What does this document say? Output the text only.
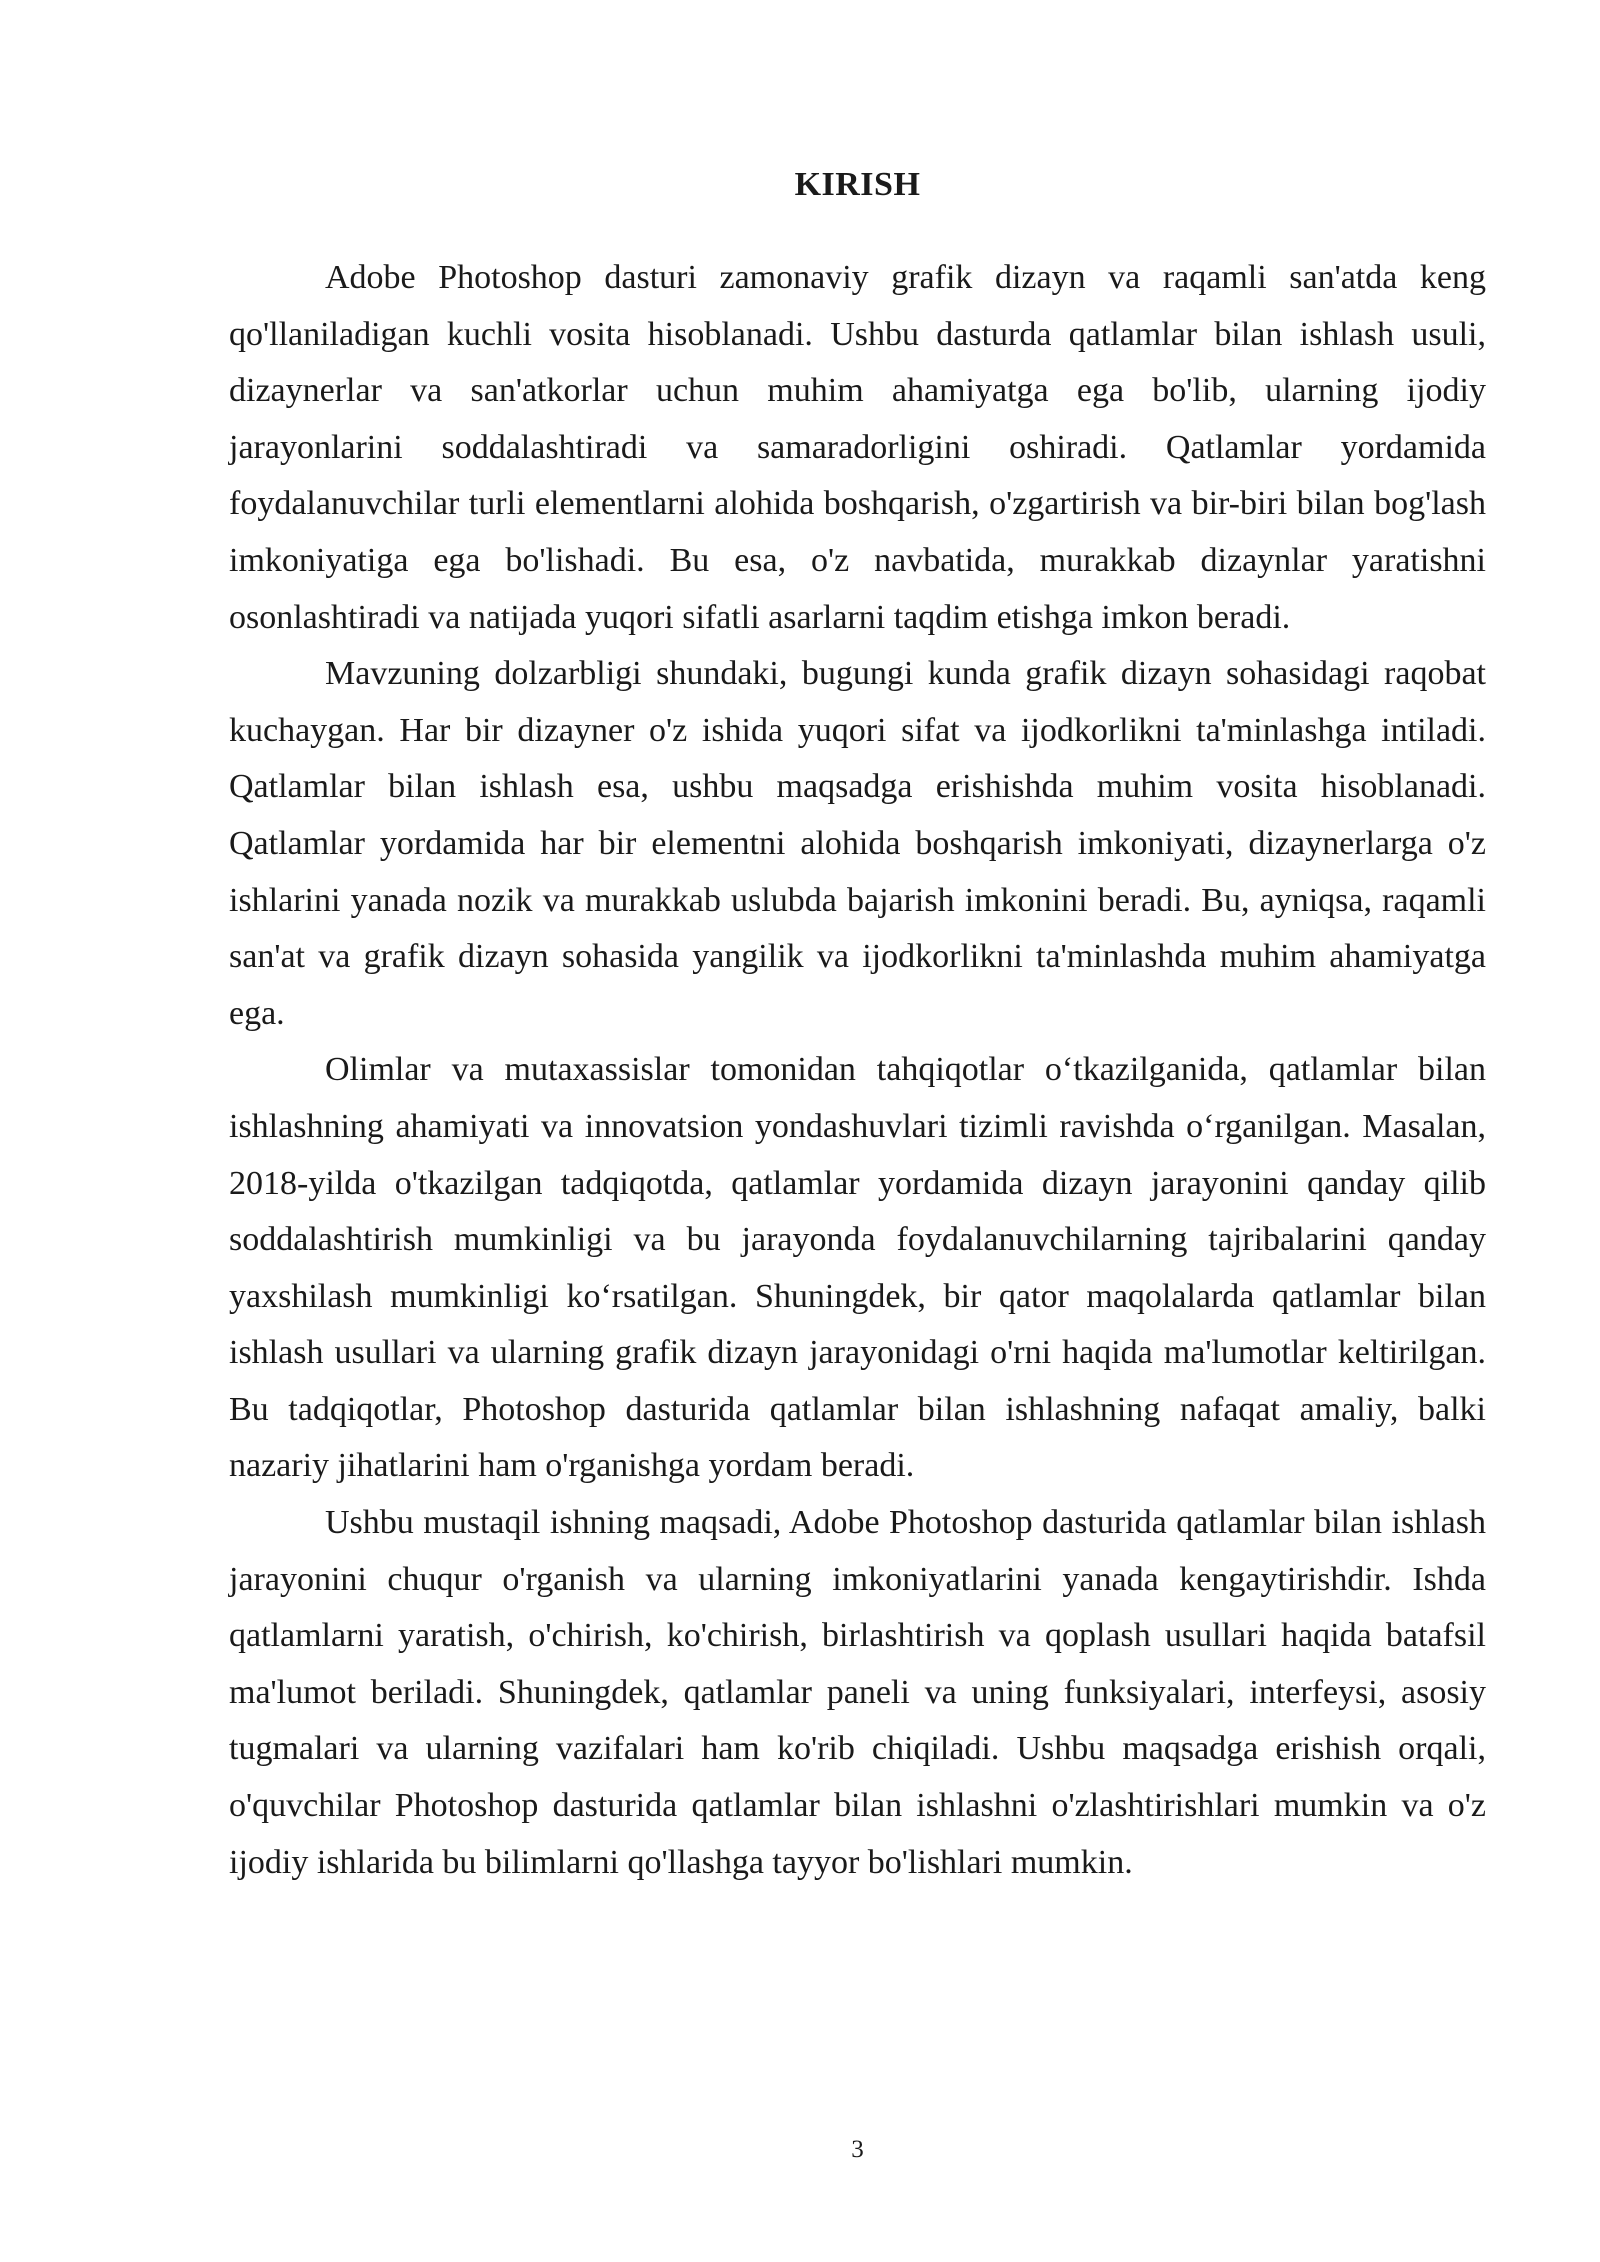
KIRISH

Adobe Photoshop dasturi zamonaviy grafik dizayn va raqamli san'atda keng qo'llaniladigan kuchli vosita hisoblanadi. Ushbu dasturda qatlamlar bilan ishlash usuli, dizaynerlar va san'atkorlar uchun muhim ahamiyatga ega bo'lib, ularning ijodiy jarayonlarini soddalashtiradi va samaradorligini oshiradi. Qatlamlar yordamida foydalanuvchilar turli elementlarni alohida boshqarish, o'zgartirish va bir-biri bilan bog'lash imkoniyatiga ega bo'lishadi. Bu esa, o'z navbatida, murakkab dizaynlar yaratishni osonlashtiradi va natijada yuqori sifatli asarlarni taqdim etishga imkon beradi.

Mavzuning dolzarbligi shundaki, bugungi kunda grafik dizayn sohasidagi raqobat kuchaygan. Har bir dizayner o'z ishida yuqori sifat va ijodkorlikni ta'minlashga intiladi. Qatlamlar bilan ishlash esa, ushbu maqsadga erishishda muhim vosita hisoblanadi. Qatlamlar yordamida har bir elementni alohida boshqarish imkoniyati, dizaynerlarga o'z ishlarini yanada nozik va murakkab uslubda bajarish imkonini beradi. Bu, ayniqsa, raqamli san'at va grafik dizayn sohasida yangilik va ijodkorlikni ta'minlashda muhim ahamiyatga ega.

Olimlar va mutaxassislar tomonidan tahqiqotlar o‘tkazilganida, qatlamlar bilan ishlashning ahamiyati va innovatsion yondashuvlari tizimli ravishda o‘rganilgan. Masalan, 2018-yilda o'tkazilgan tadqiqotda, qatlamlar yordamida dizayn jarayonini qanday qilib soddalashtirish mumkinligi va bu jarayonda foydalanuvchilarning tajribalarini qanday yaxshilash mumkinligi ko‘rsatilgan. Shuningdek, bir qator maqolalarda qatlamlar bilan ishlash usullari va ularning grafik dizayn jarayonidagi o'rni haqida ma'lumotlar keltirilgan. Bu tadqiqotlar, Photoshop dasturida qatlamlar bilan ishlashning nafaqat amaliy, balki nazariy jihatlarini ham o'rganishga yordam beradi.

Ushbu mustaqil ishning maqsadi, Adobe Photoshop dasturida qatlamlar bilan ishlash jarayonini chuqur o'rganish va ularning imkoniyatlarini yanada kengaytirishdir. Ishda qatlamlarni yaratish, o'chirish, ko'chirish, birlashtirish va qoplash usullari haqida batafsil ma'lumot beriladi. Shuningdek, qatlamlar paneli va uning funksiyalari, interfeysi, asosiy tugmalari va ularning vazifalari ham ko'rib chiqiladi. Ushbu maqsadga erishish orqali, o'quvchilar Photoshop dasturida qatlamlar bilan ishlashni o'zlashtirishlari mumkin va o'z ijodiy ishlarida bu bilimlarni qo'llashga tayyor bo'lishlari mumkin.

3
